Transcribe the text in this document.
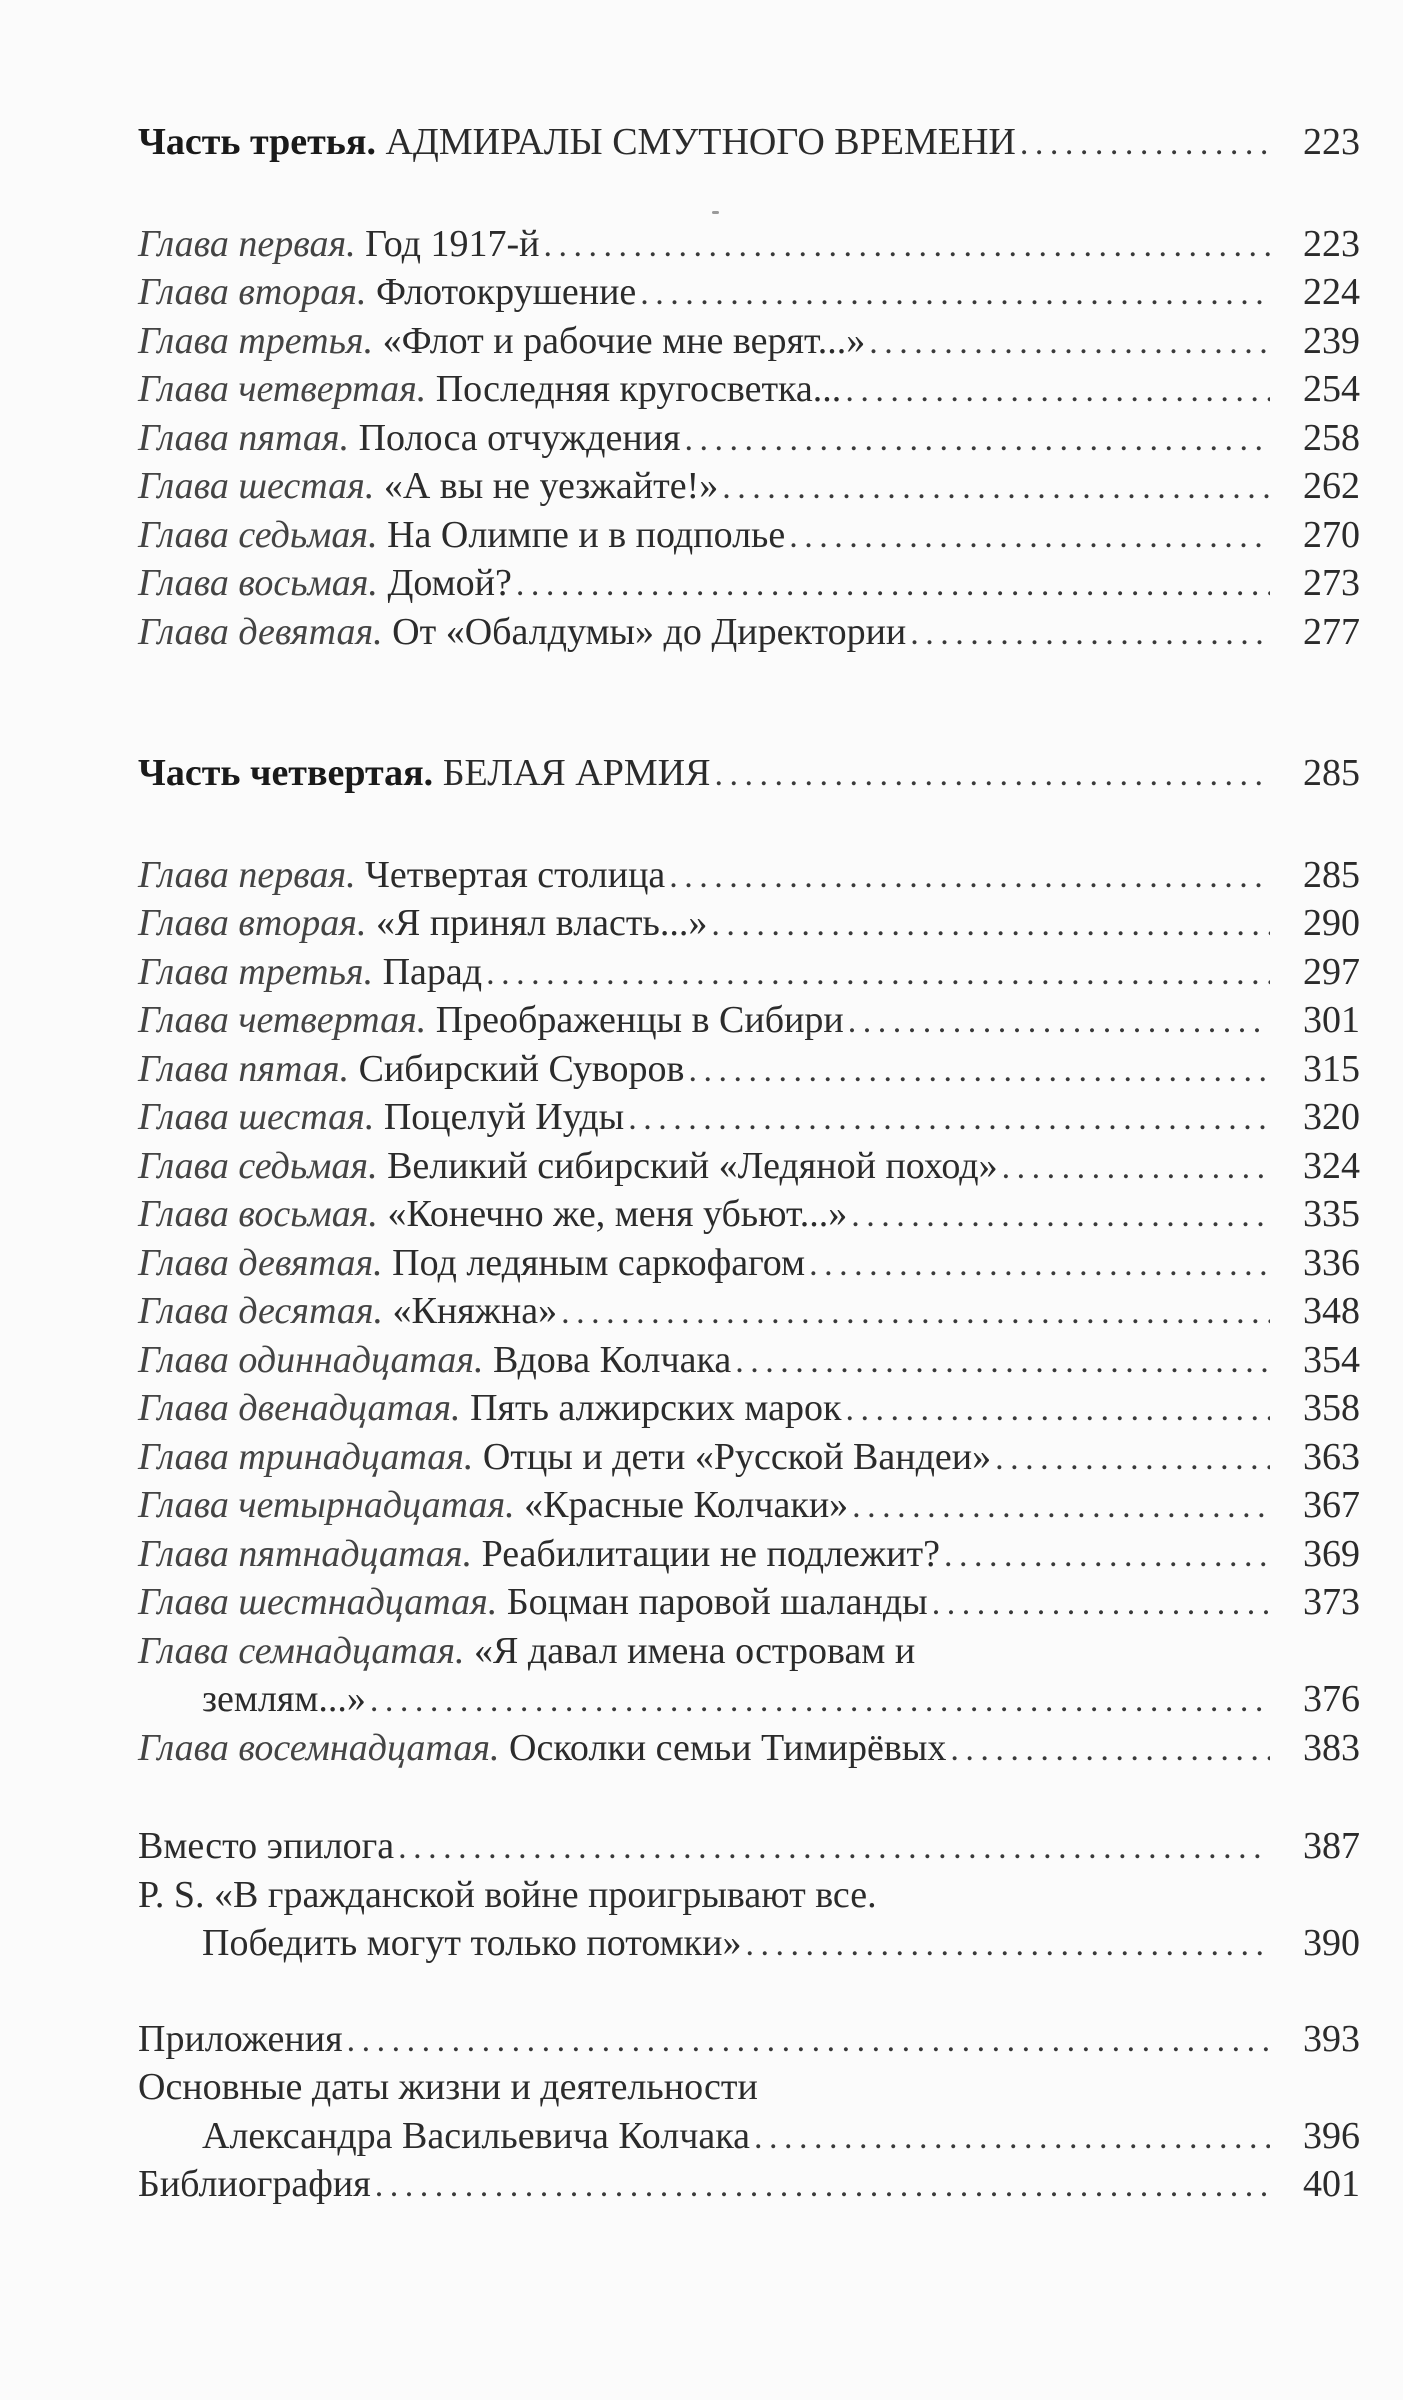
Часть третья. АДМИРАЛЫ СМУТНОГО ВРЕМЕНИ . . .	223
Глава первая. Год 1917-й . . .	223
Глава вторая. Флотокрушение . . .	224
Глава третья. «Флот и рабочие мне верят...» . . .	239
Глава четвертая. Последняя кругосветка... . . .	254
Глава пятая. Полоса отчуждения . . .	258
Глава шестая. «А вы не уезжайте!» . . .	262
Глава седьмая. На Олимпе и в подполье . . .	270
Глава восьмая. Домой? . . .	273
Глава девятая. От «Обалдумы» до Директории . . .	277
Часть четвертая. БЕЛАЯ АРМИЯ . . .	285
Глава первая. Четвертая столица . . .	285
Глава вторая. «Я принял власть...» . . .	290
Глава третья. Парад . . .	297
Глава четвертая. Преображенцы в Сибири . . .	301
Глава пятая. Сибирский Суворов . . .	315
Глава шестая. Поцелуй Иуды . . .	320
Глава седьмая. Великий сибирский «Ледяной поход» . . .	324
Глава восьмая. «Конечно же, меня убьют...» . . .	335
Глава девятая. Под ледяным саркофагом . . .	336
Глава десятая. «Княжна» . . .	348
Глава одиннадцатая. Вдова Колчака . . .	354
Глава двенадцатая. Пять алжирских марок . . .	358
Глава тринадцатая. Отцы и дети «Русской Вандеи» . . .	363
Глава четырнадцатая. «Красные Колчаки» . . .	367
Глава пятнадцатая. Реабилитации не подлежит? . . .	369
Глава шестнадцатая. Боцман паровой шаланды . . .	373
Глава семнадцатая. «Я давал имена островам и
землям...» . . .	376
Глава восемнадцатая. Осколки семьи Тимирёвых . . .	383
Вместо эпилога . . .	387
P. S. «В гражданской войне проигрывают все.
Победить могут только потомки» . . .	390
Приложения . . .	393
Основные даты жизни и деятельности
Александра Васильевича Колчака . . .	396
Библиография . . .	401
